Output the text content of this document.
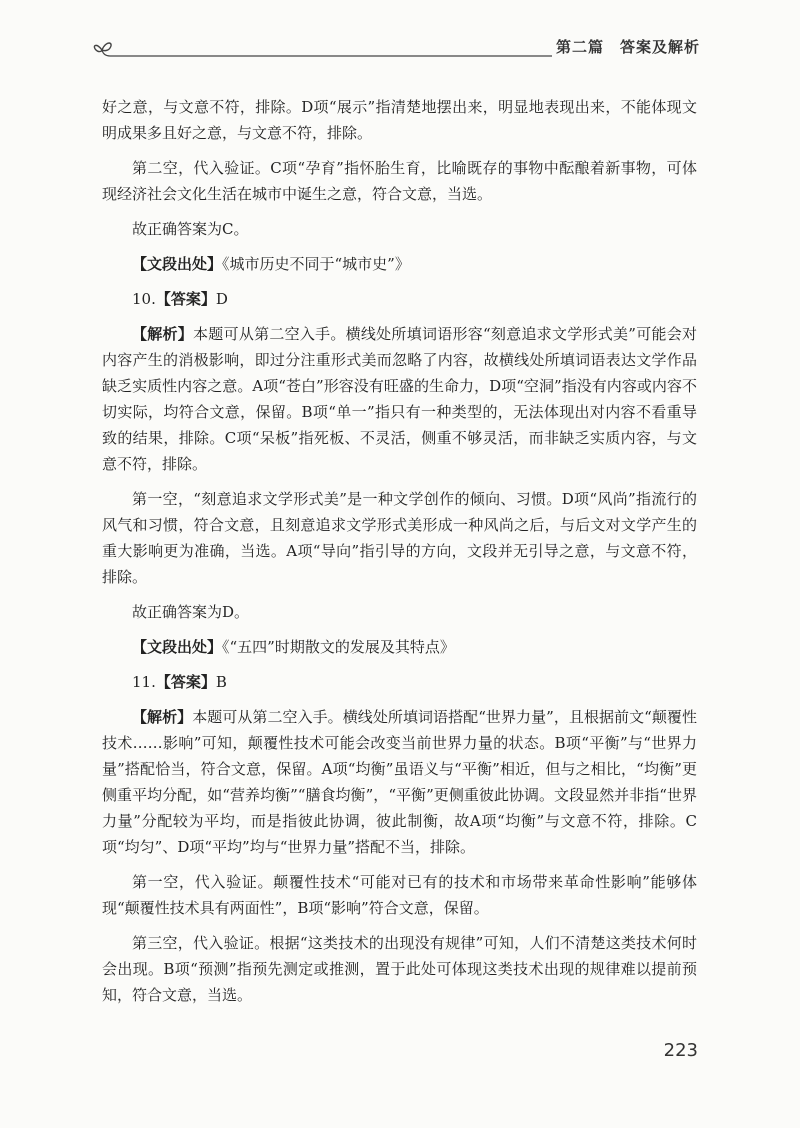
第二篇　答案及解析

好之意，与文意不符，排除。D项“展示”指清楚地摆出来，明显地表现出来，不能体现文明成果多且好之意，与文意不符，排除。

第二空，代入验证。C项“孕育”指怀胎生育，比喻既存的事物中酝酿着新事物，可体现经济社会文化生活在城市中诞生之意，符合文意，当选。

故正确答案为C。

【文段出处】《城市历史不同于“城市史”》

10.【答案】D

【解析】本题可从第二空入手。横线处所填词语形容“刻意追求文学形式美”可能会对内容产生的消极影响，即过分注重形式美而忽略了内容，故横线处所填词语表达文学作品缺乏实质性内容之意。A项“苍白”形容没有旺盛的生命力，D项“空洞”指没有内容或内容不切实际，均符合文意，保留。B项“单一”指只有一种类型的，无法体现出对内容不看重导致的结果，排除。C项“呆板”指死板、不灵活，侧重不够灵活，而非缺乏实质内容，与文意不符，排除。

第一空，“刻意追求文学形式美”是一种文学创作的倾向、习惯。D项“风尚”指流行的风气和习惯，符合文意，且刻意追求文学形式美形成一种风尚之后，与后文对文学产生的重大影响更为准确，当选。A项“导向”指引导的方向，文段并无引导之意，与文意不符，排除。

故正确答案为D。

【文段出处】《“五四”时期散文的发展及其特点》

11.【答案】B

【解析】本题可从第二空入手。横线处所填词语搭配“世界力量”，且根据前文“颠覆性技术……影响”可知，颠覆性技术可能会改变当前世界力量的状态。B项“平衡”与“世界力量”搭配恰当，符合文意，保留。A项“均衡”虽语义与“平衡”相近，但与之相比，“均衡”更侧重平均分配，如“营养均衡”“膳食均衡”，“平衡”更侧重彼此协调。文段显然并非指“世界力量”分配较为平均，而是指彼此协调，彼此制衡，故A项“均衡”与文意不符，排除。C项“均匀”、D项“平均”均与“世界力量”搭配不当，排除。

第一空，代入验证。颠覆性技术“可能对已有的技术和市场带来革命性影响”能够体现“颠覆性技术具有两面性”，B项“影响”符合文意，保留。

第三空，代入验证。根据“这类技术的出现没有规律”可知，人们不清楚这类技术何时会出现。B项“预测”指预先测定或推测，置于此处可体现这类技术出现的规律难以提前预知，符合文意，当选。

223
